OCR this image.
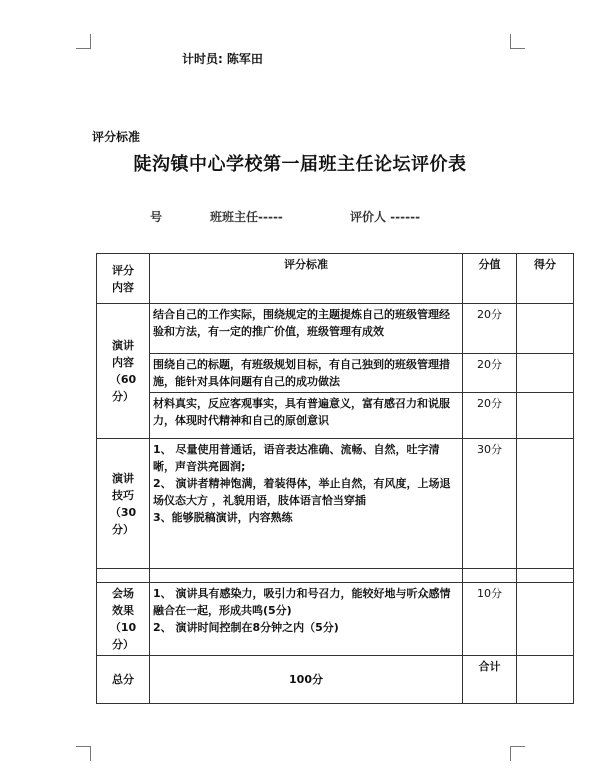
计时员: 陈军田
评分标准
陡沟镇中心学校第一届班主任论坛评价表
号	班班主任-----	评价人 ------
评分
内容	评分标准	分值	得分
演讲
内容
（60
分）	结合自己的工作实际，围绕规定的主题提炼自己的班级管理经验和方法，有一定的推广价值，班级管理有成效	20分	
	围绕自己的标题，有班级规划目标，有自己独到的班级管理措施，能针对具体问题有自己的成功做法	20分	
	材料真实，反应客观事实，具有普遍意义，富有感召力和说服力，体现时代精神和自己的原创意识	20分	
演讲
技巧
（30
分）	1、 尽量使用普通话，语音表达准确、流畅、自然，吐字清晰，声音洪亮圆润;
2、 演讲者精神饱满，着装得体，举止自然，有风度，上场退场仪态大方 ，礼貌用语，肢体语言恰当穿插
3、能够脱稿演讲，内容熟练	30分	

会场
效果
（10
分）	1、 演讲具有感染力，吸引力和号召力，能较好地与听众感情融合在一起，形成共鸣(5分)
2、 演讲时间控制在8分钟之内（5分)	10分	
总分	100分	合计	
